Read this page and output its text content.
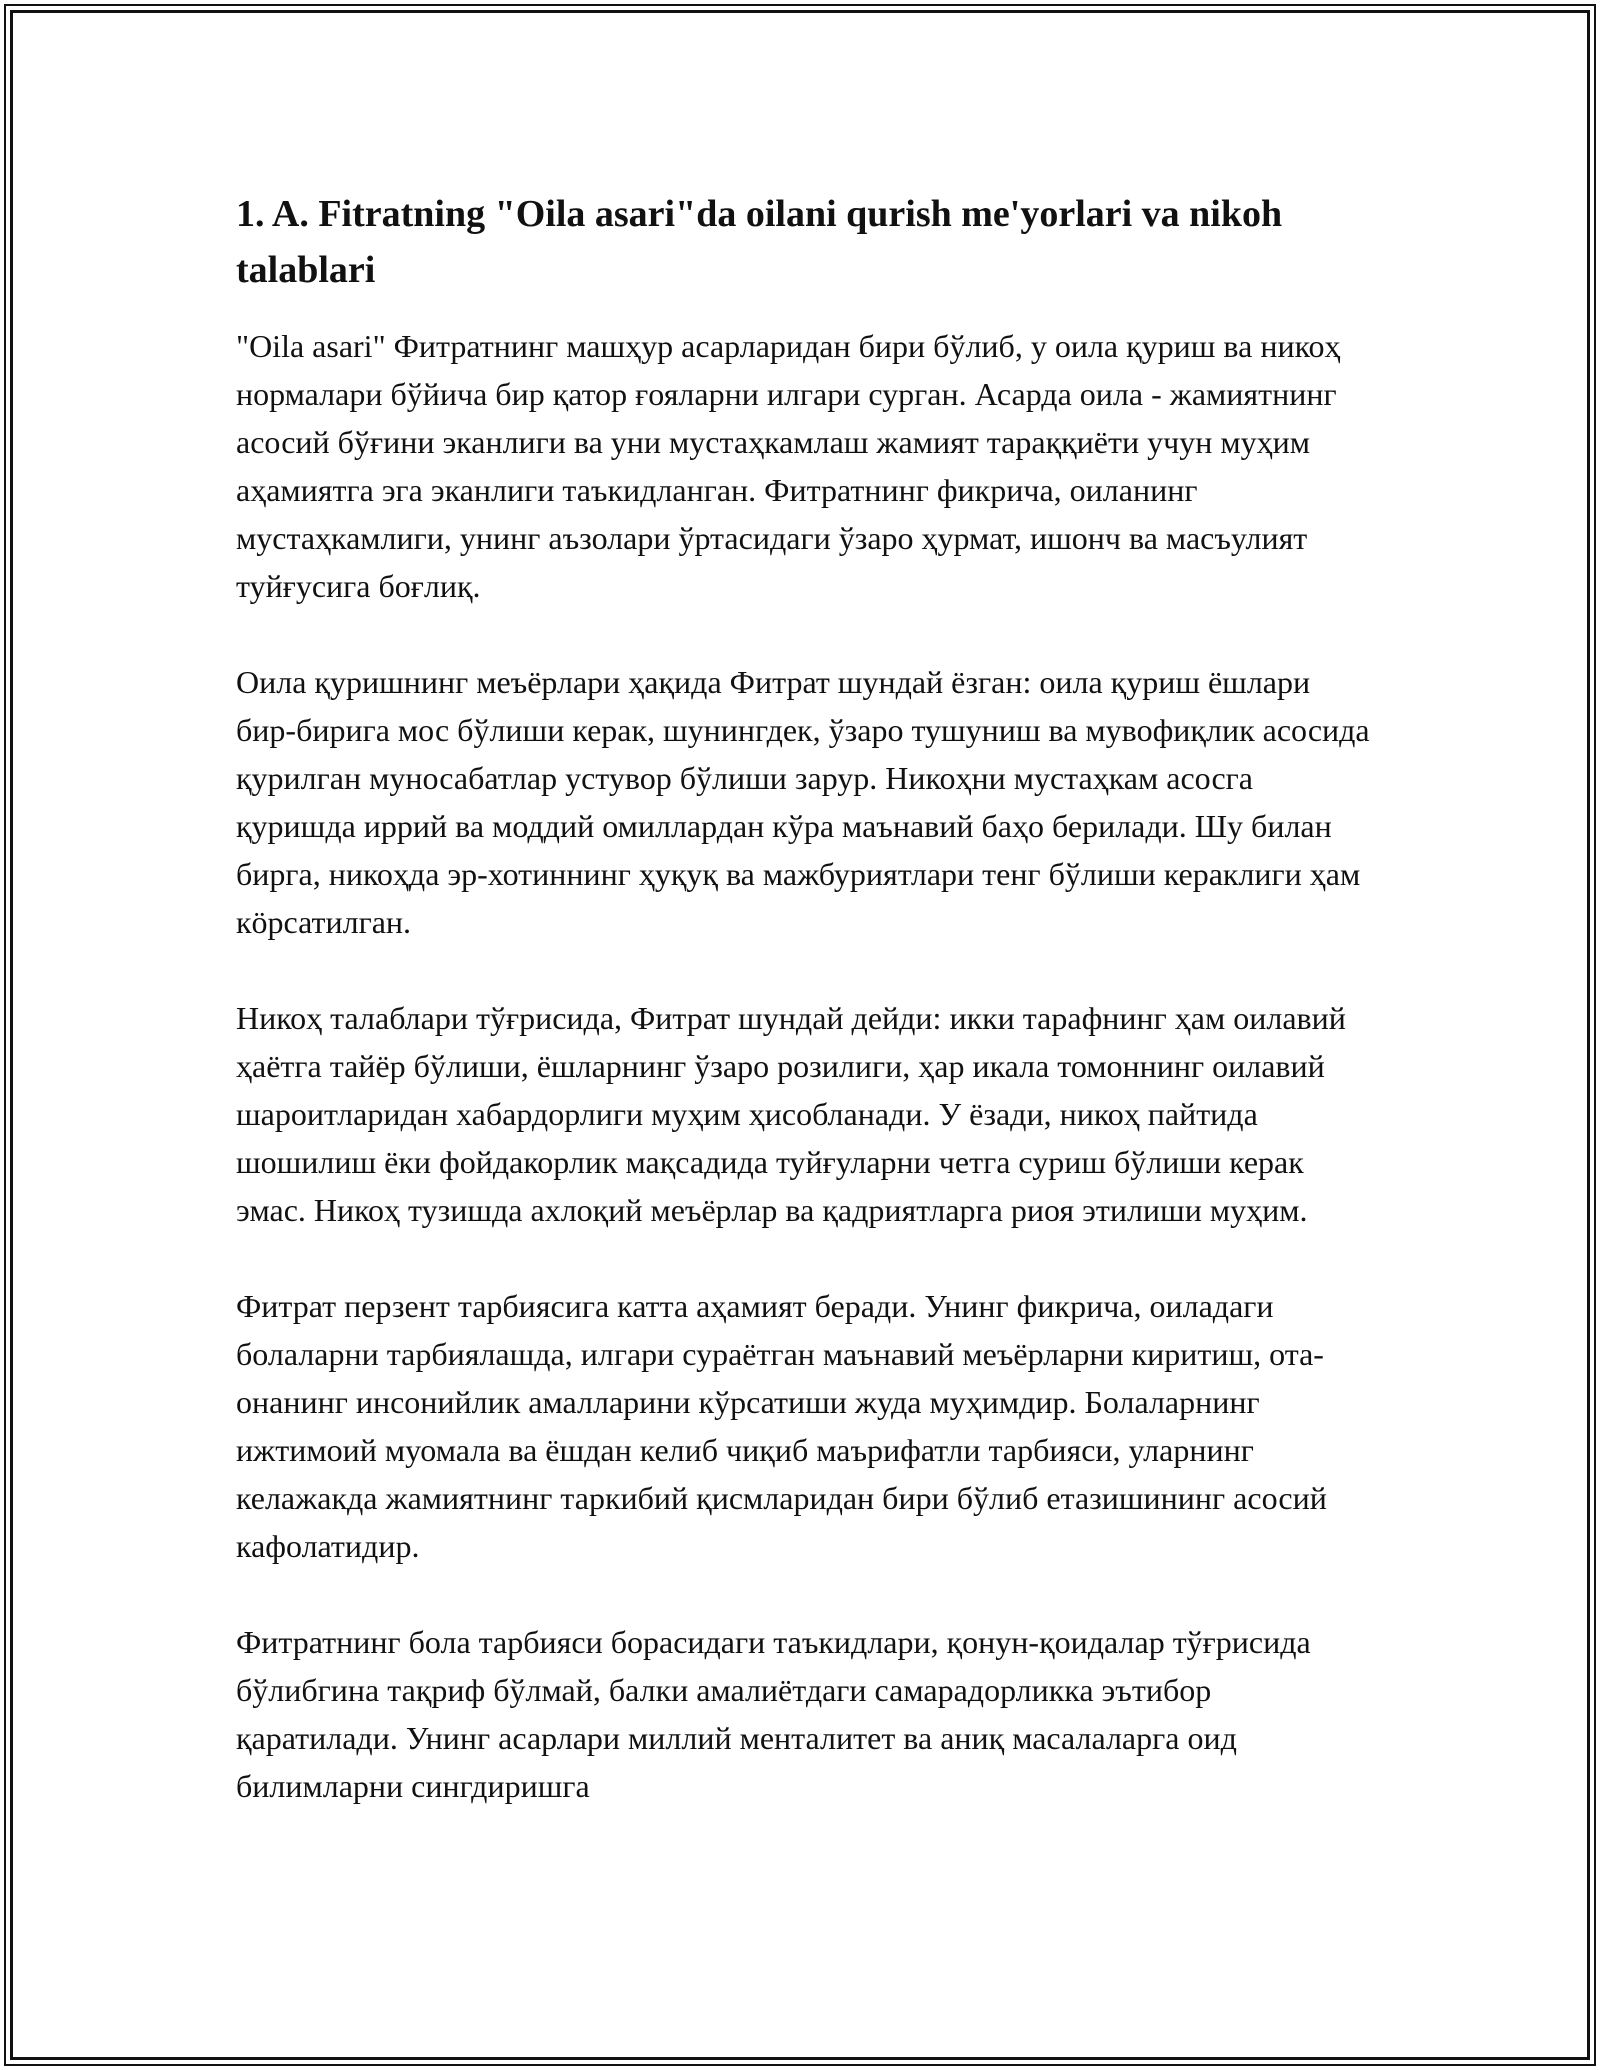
1. A. Fitratning "Oila asari"da oilani qurish me'yorlari va nikoh talablari

"Oila asari" Фитратнинг машҳур асарларидан бири бўлиб, у оила қуриш ва никоҳ нормалари бўйича бир қатор ғояларни илгари сурган. Асарда оила - жамиятнинг асосий бўғини эканлиги ва уни мустаҳкамлаш жамият тараққиёти учун муҳим аҳамиятга эга эканлиги таъкидланган. Фитратнинг фикрича, оиланинг мустаҳкамлиги, унинг аъзолари ўртасидаги ўзаро ҳурмат, ишонч ва масъулият туйғусига боғлиқ.

Оила қуришнинг меъёрлари ҳақида Фитрат шундай ёзган: оила қуриш ёшлари бир-бирига мос бўлиши керак, шунингдек, ўзаро тушуниш ва мувофиқлик асосида қурилган муносабатлар устувор бўлиши зарур. Никоҳни мустаҳкам асосга қуришда иррий ва моддий омиллардан кўра маънавий баҳо берилади. Шу билан бирга, никоҳда эр-хотиннинг ҳуқуқ ва мажбуриятлари тенг бўлиши кераклиги ҳам кӧрсатилган.

Никоҳ талаблари тўғрисида, Фитрат шундай дейди: икки тарафнинг ҳам оилавий ҳаётга тайёр бўлиши, ёшларнинг ўзаро розилиги, ҳар икала томоннинг оилавий шароитларидан хабардорлиги муҳим ҳисобланади. У ёзади, никоҳ пайтида шошилиш ёки фойдакорлик мақсадида туйғуларни четга суриш бўлиши керак эмас. Никоҳ тузишда ахлоқий меъёрлар ва қадриятларга риоя этилиши муҳим.

Фитрат перзент тарбиясига катта аҳамият беради. Унинг фикрича, оиладаги болаларни тарбиялашда, илгари сураётган маънавий меъёрларни киритиш, ота-онанинг инсонийлик амалларини кўрсатиши жуда муҳимдир. Болаларнинг ижтимоий муомала ва ёшдан келиб чиқиб маърифатли тарбияси, уларнинг келажакда жамиятнинг таркибий қисмларидан бири бўлиб етазишининг асосий кафолатидир.

Фитратнинг бола тарбияси борасидаги таъкидлари, қонун-қоидалар тўғрисида бўлибгина тақриф бўлмай, балки амалиётдаги самарадорликка эътибор қаратилади. Унинг асарлари миллий менталитет ва аниқ масалаларга оид билимларни сингдиришга
